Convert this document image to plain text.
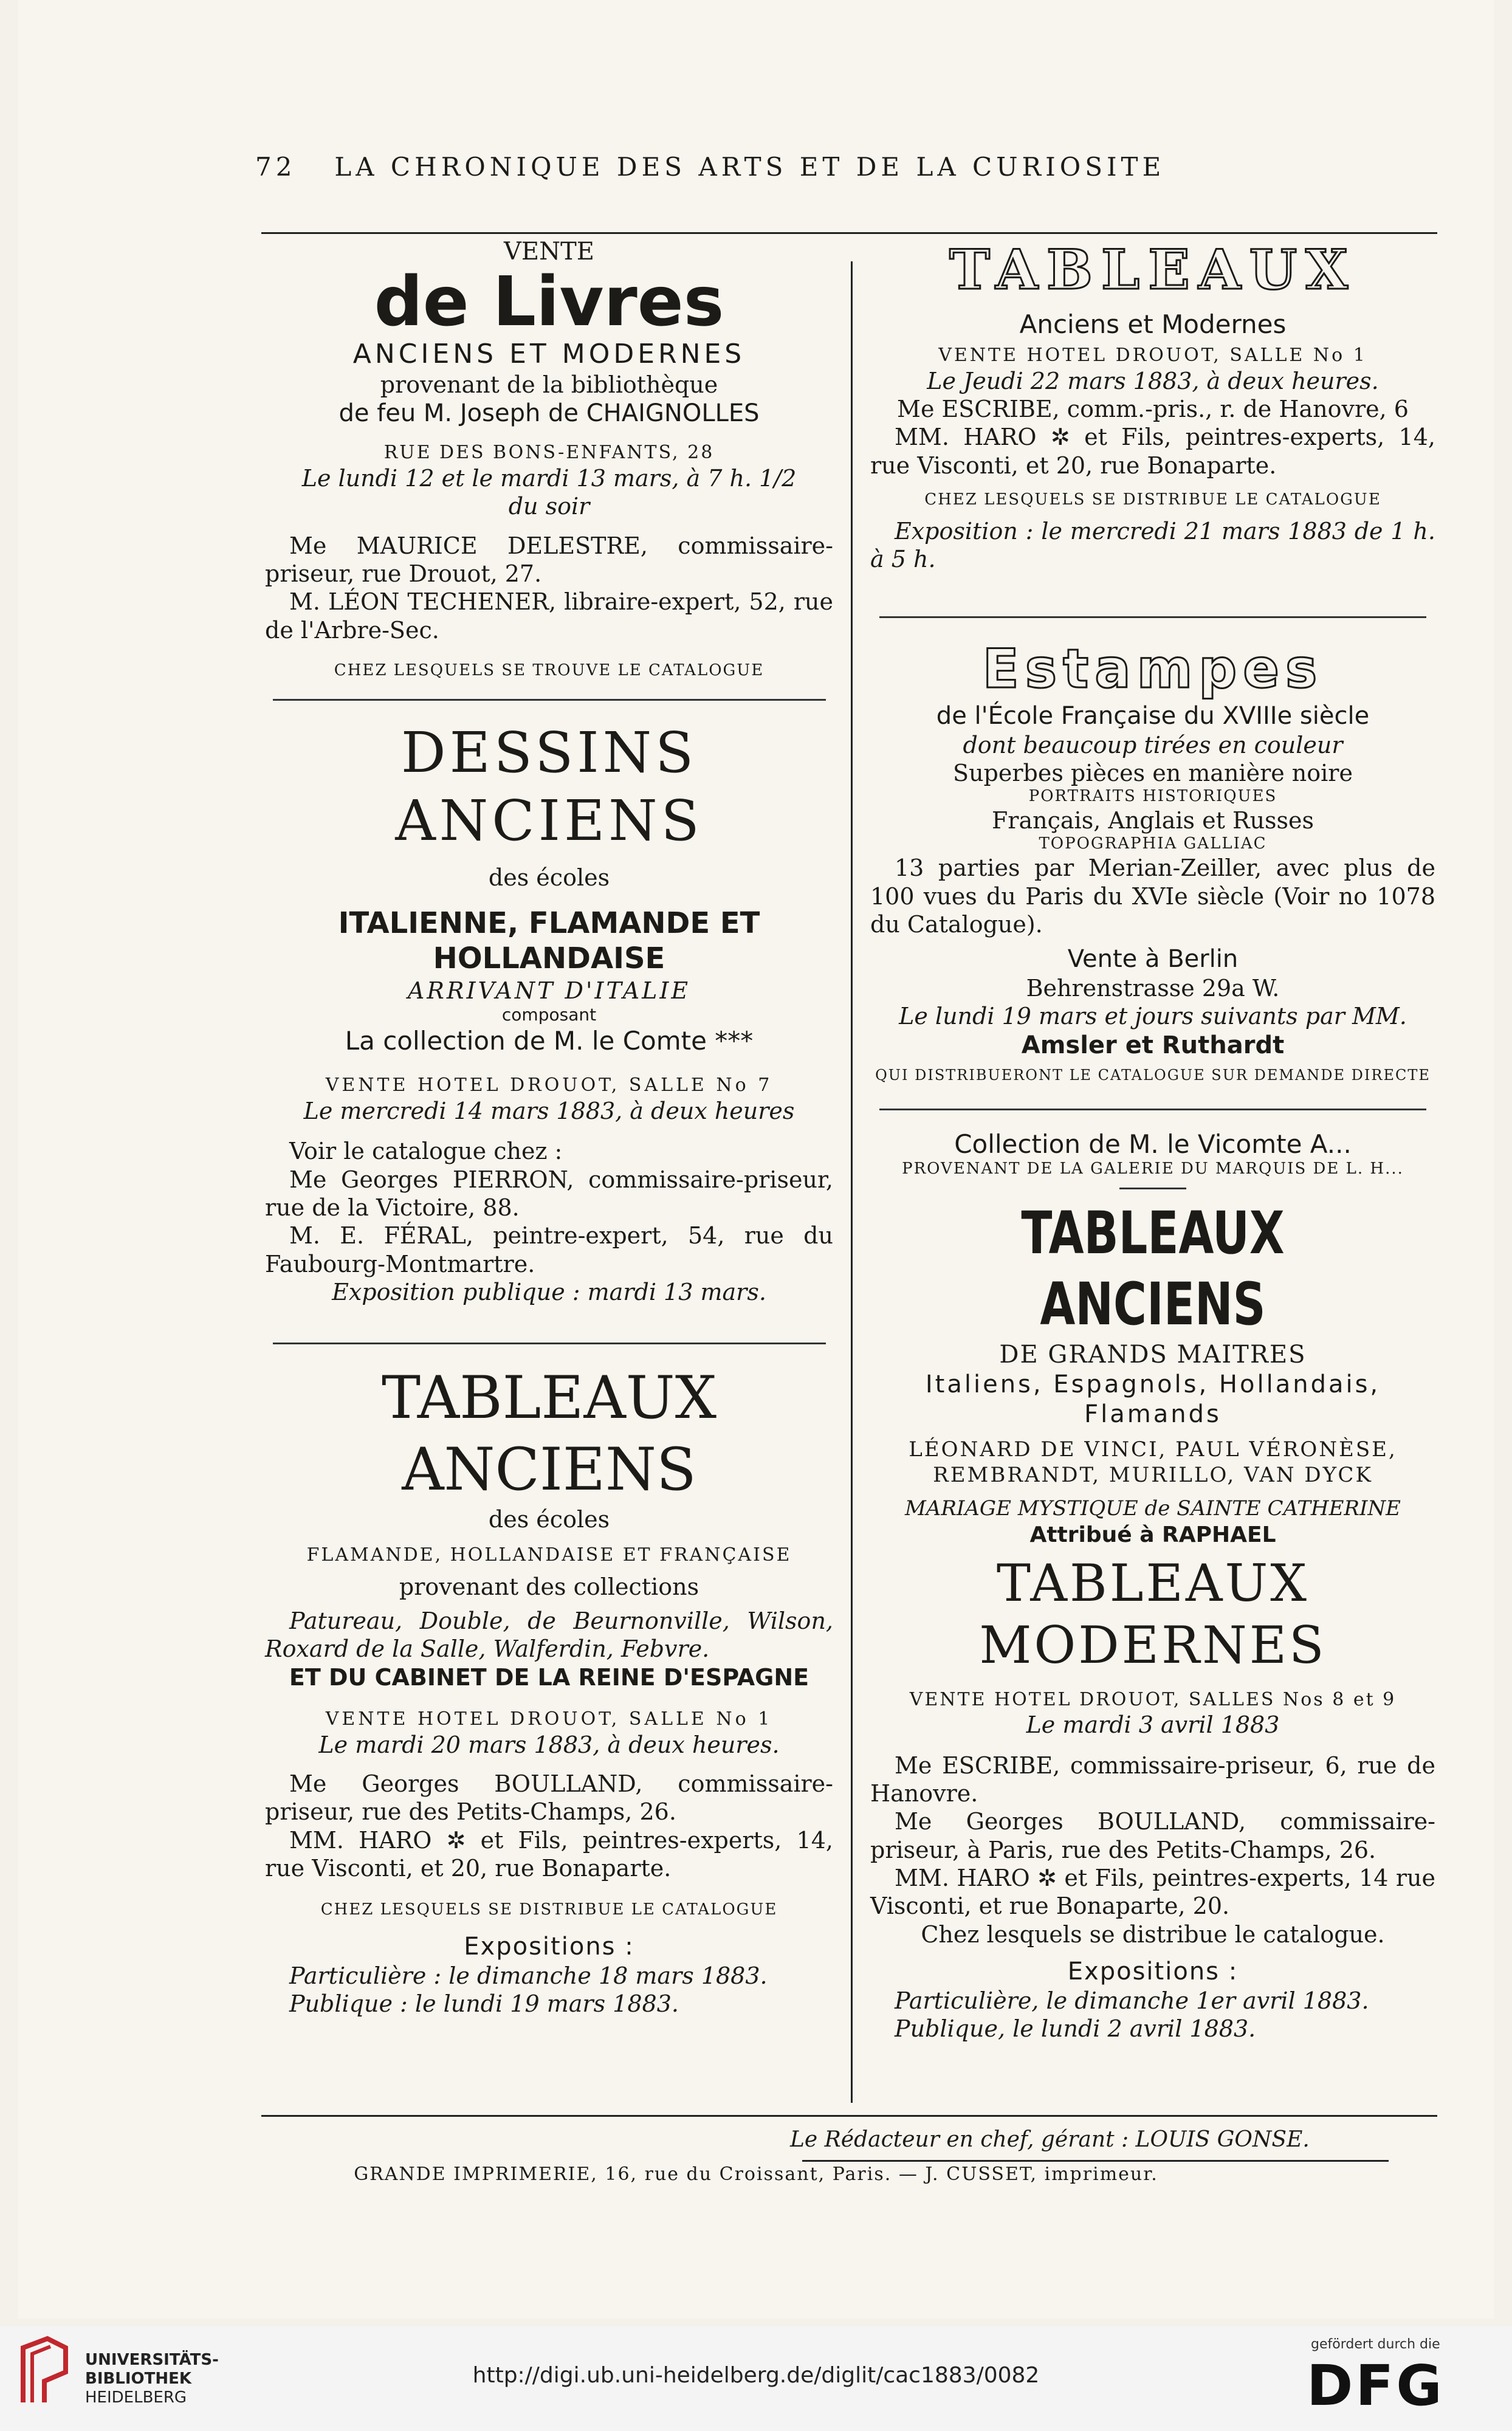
72 LA CHRONIQUE DES ARTS ET DE LA CURIOSITE

VENTE

de Livres

ANCIENS ET MODERNES

provenant de la bibliothèque

de feu M. Joseph de CHAIGNOLLES

RUE DES BONS-ENFANTS, 28

Le lundi 12 et le mardi 13 mars, à 7 h. 1/2

du soir

Me MAURICE DELESTRE, commissaire-priseur, rue Drouot, 27.

M. LÉON TECHENER, libraire-expert, 52, rue de l'Arbre-Sec.

CHEZ LESQUELS SE TROUVE LE CATALOGUE

DESSINS ANCIENS

des écoles

ITALIENNE, FLAMANDE ET HOLLANDAISE

ARRIVANT D'ITALIE

composant

La collection de M. le Comte ***

VENTE HOTEL DROUOT, SALLE No 7

Le mercredi 14 mars 1883, à deux heures

Voir le catalogue chez :

Me Georges PIERRON, commissaire-priseur, rue de la Victoire, 88.

M. E. FÉRAL, peintre-expert, 54, rue du Faubourg-Montmartre.

Exposition publique : mardi 13 mars.

TABLEAUX ANCIENS

des écoles

FLAMANDE, HOLLANDAISE ET FRANÇAISE

provenant des collections

Patureau, Double, de Beurnonville, Wilson, Roxard de la Salle, Walferdin, Febvre.

ET DU CABINET DE LA REINE D'ESPAGNE

VENTE HOTEL DROUOT, SALLE No 1

Le mardi 20 mars 1883, à deux heures.

Me Georges BOULLAND, commissaire-priseur, rue des Petits-Champs, 26.

MM. HARO ✲ et Fils, peintres-experts, 14, rue Visconti, et 20, rue Bonaparte.

CHEZ LESQUELS SE DISTRIBUE LE CATALOGUE

Expositions :

Particulière : le dimanche 18 mars 1883.

Publique : le lundi 19 mars 1883.

TABLEAUX

Anciens et Modernes

VENTE HOTEL DROUOT, SALLE No 1

Le Jeudi 22 mars 1883, à deux heures.

Me ESCRIBE, comm.-pris., r. de Hanovre, 6

MM. HARO ✲ et Fils, peintres-experts, 14, rue Visconti, et 20, rue Bonaparte.

CHEZ LESQUELS SE DISTRIBUE LE CATALOGUE

Exposition : le mercredi 21 mars 1883 de 1 h. à 5 h.

Estampes

de l'École Française du XVIIIe siècle

dont beaucoup tirées en couleur

Superbes pièces en manière noire

PORTRAITS HISTORIQUES

Français, Anglais et Russes

TOPOGRAPHIA GALLIAC

13 parties par Merian-Zeiller, avec plus de 100 vues du Paris du XVIe siècle (Voir no 1078 du Catalogue).

Vente à Berlin

Behrenstrasse 29a W.

Le lundi 19 mars et jours suivants par MM.

Amsler et Ruthardt

QUI DISTRIBUERONT LE CATALOGUE SUR DEMANDE DIRECTE

Collection de M. le Vicomte A...

PROVENANT DE LA GALERIE DU MARQUIS DE L. H...

TABLEAUX ANCIENS

DE GRANDS MAITRES

Italiens, Espagnols, Hollandais, Flamands

LÉONARD DE VINCI, PAUL VÉRONÈSE, REMBRANDT, MURILLO, VAN DYCK

MARIAGE MYSTIQUE de SAINTE CATHERINE

Attribué à RAPHAEL

TABLEAUX MODERNES

VENTE HOTEL DROUOT, SALLES Nos 8 et 9

Le mardi 3 avril 1883

Me ESCRIBE, commissaire-priseur, 6, rue de Hanovre.

Me Georges BOULLAND, commissaire-priseur, à Paris, rue des Petits-Champs, 26.

MM. HARO ✲ et Fils, peintres-experts, 14 rue Visconti, et rue Bonaparte, 20.

Chez lesquels se distribue le catalogue.

Expositions :

Particulière, le dimanche 1er avril 1883.

Publique, le lundi 2 avril 1883.

Le Rédacteur en chef, gérant : LOUIS GONSE.
GRANDE IMPRIMERIE, 16, rue du Croissant, Paris. — J. CUSSET, imprimeur.
UNIVERSITÄTS-
BIBLIOTHEK
HEIDELBERG
http://digi.ub.uni-heidelberg.de/diglit/cac1883/0082
gefördert durch die
DFG
